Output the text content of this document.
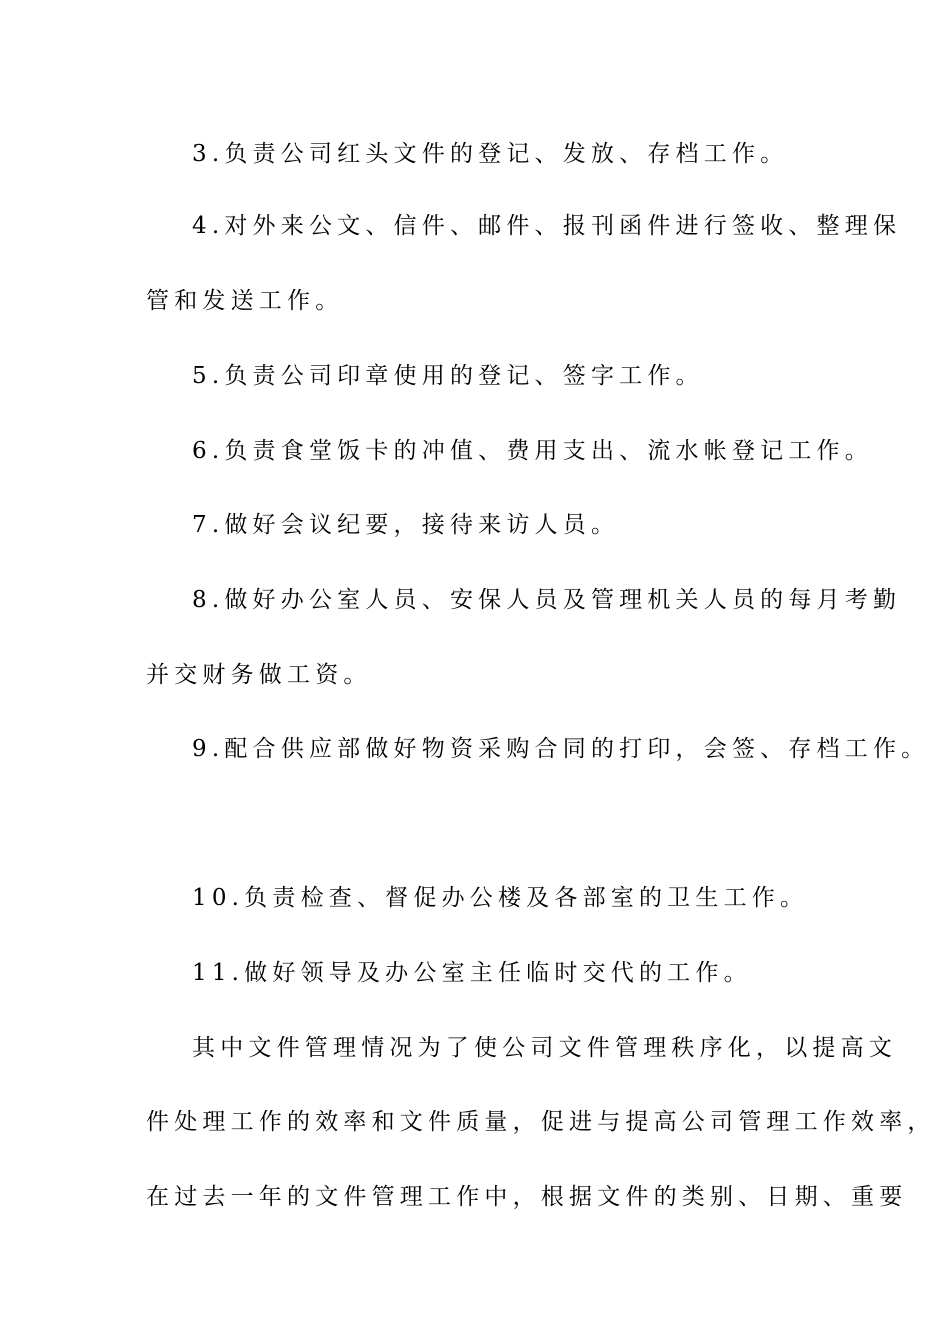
3.负责公司红头文件的登记、发放、存档工作。
4.对外来公文、信件、邮件、报刊函件进行签收、整理保
管和发送工作。
5.负责公司印章使用的登记、签字工作。
6.负责食堂饭卡的冲值、费用支出、流水帐登记工作。
7.做好会议纪要，接待来访人员。
8.做好办公室人员、安保人员及管理机关人员的每月考勤
并交财务做工资。
9.配合供应部做好物资采购合同的打印，会签、存档工作。
10.负责检查、督促办公楼及各部室的卫生工作。
11.做好领导及办公室主任临时交代的工作。
其中文件管理情况为了使公司文件管理秩序化，以提高文
件处理工作的效率和文件质量，促进与提高公司管理工作效率，
在过去一年的文件管理工作中，根据文件的类别、日期、重要
